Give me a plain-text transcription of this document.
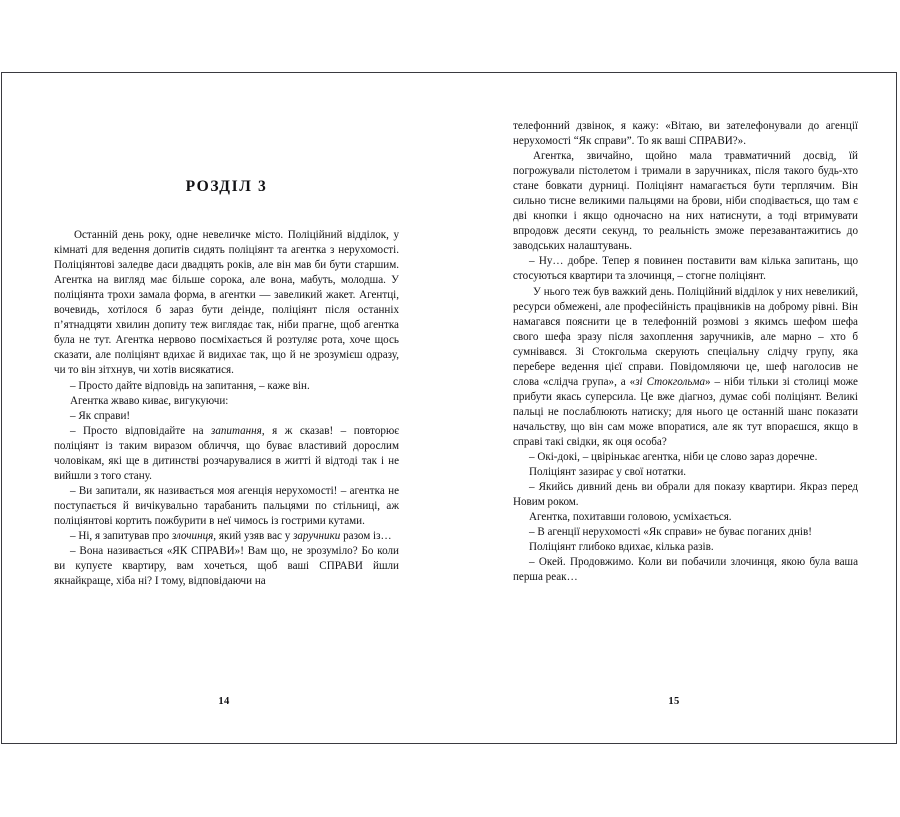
РОЗДІЛ 3

Останній день року, одне невеличке місто. Поліційний відділок, у кімнаті для ведення допитів сидять поліціянт та агентка з нерухомості. Поліціянтові заледве даси двадцять років, але він мав би бути старшим. Агентка на вигляд має більше сорока, але вона, мабуть, молодша. У поліціянта трохи замала форма, в агентки — завеликий жакет. Агентці, вочевидь, хотілося б зараз бути деінде, поліціянт після останніх п’ятнадцяти хвилин допиту теж виглядає так, ніби прагне, щоб агентка була не тут. Агентка нервово посміхається й розтуляє рота, хоче щось сказати, але поліціянт вдихає й видихає так, що й не зрозумієш одразу, чи то він зітхнув, чи хотів висякатися.

– Просто дайте відповідь на запитання, – каже він.

Агентка жваво киває, вигукуючи:

– Як справи!

– Просто відповідайте на запитання, я ж сказав! – повторює поліціянт із таким виразом обличчя, що буває властивий дорослим чоловікам, які ще в дитинстві розчарувалися в житті й відтоді так і не вийшли з того стану.

– Ви запитали, як називається моя агенція нерухомості! – агентка не поступається й вичікувально тарабанить пальцями по стільниці, аж поліціянтові кортить пожбурити в неї чимось із гострими кутами.

– Ні, я запитував про злочинця, який узяв вас у заручники разом із…

– Вона називається «ЯК СПРАВИ»! Вам що, не зрозуміло? Бо коли ви купуєте квартиру, вам хочеться, щоб ваші СПРАВИ йшли якнайкраще, хіба ні? І тому, відповідаючи на

14

телефонний дзвінок, я кажу: «Вітаю, ви зателефонували до агенції нерухомості “Як справи”. То як ваші СПРАВИ?».

Агентка, звичайно, щойно мала травматичний досвід, їй погрожували пістолетом і тримали в заручниках, після такого будь-хто стане бовкати дурниці. Поліціянт намагається бути терплячим. Він сильно тисне великими пальцями на брови, ніби сподівається, що там є дві кнопки і якщо одночасно на них натиснути, а тоді втримувати впродовж десяти секунд, то реальність зможе перезавантажитись до заводських налаштувань.

– Ну… добре. Тепер я повинен поставити вам кілька запитань, що стосуються квартири та злочинця, – стогне поліціянт.

У нього теж був важкий день. Поліційний відділок у них невеликий, ресурси обмежені, але професійність працівників на доброму рівні. Він намагався пояснити це в телефонній розмові з якимсь шефом шефа свого шефа зразу після захоплення заручників, але марно – хто б сумнівався. Зі Стокгольма скерують спеціальну слідчу групу, яка перебере ведення цієї справи. Повідомляючи це, шеф наголосив не слова «слідча група», а «зі Стокгольма» – ніби тільки зі столиці може прибути якась суперсила. Це вже діагноз, думає собі поліціянт. Великі пальці не послаблюють натиску; для нього це останній шанс показати начальству, що він сам може впоратися, але як тут впораєшся, якщо в справі такі свідки, як оця особа?

– Окі-докі, – цвірінькає агентка, ніби це слово зараз доречне.

Поліціянт зазирає у свої нотатки.

– Якийсь дивний день ви обрали для показу квартири. Якраз перед Новим роком.

Агентка, похитавши головою, усміхається.

– В агенції нерухомості «Як справи» не буває поганих днів!

Поліціянт глибоко вдихає, кілька разів.

– Окей. Продовжимо. Коли ви побачили злочинця, якою була ваша перша реак…

15
